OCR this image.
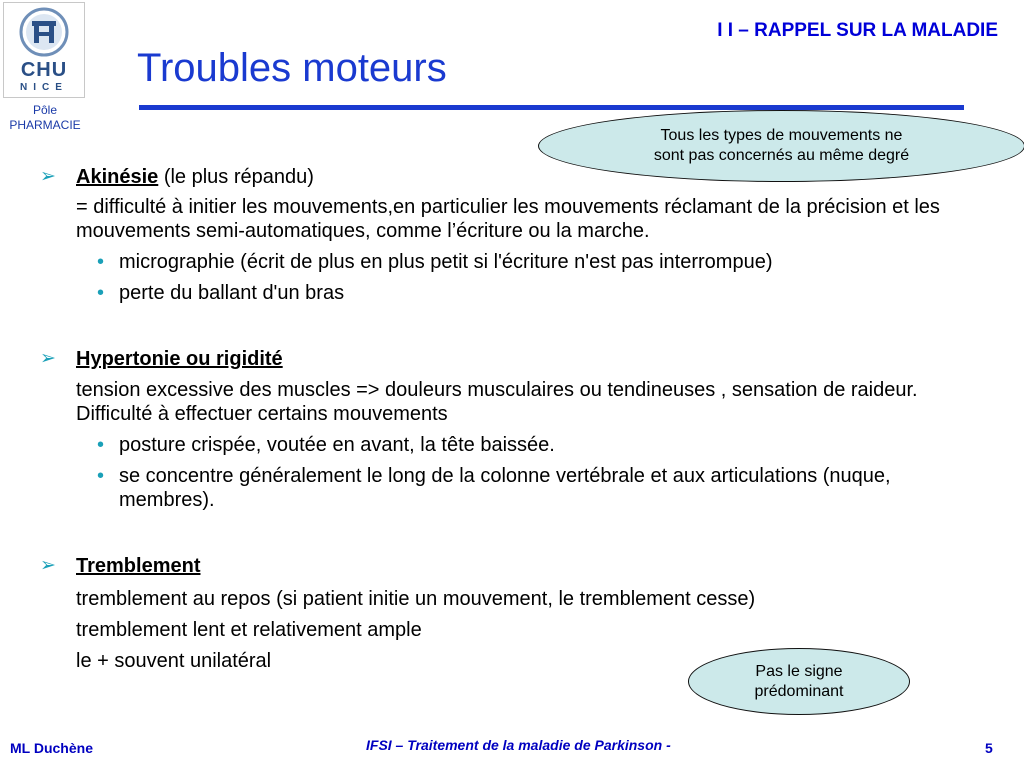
CHU
NICE
Pôle
PHARMACIE
I I – RAPPEL SUR LA MALADIE
Troubles moteurs
Tous les types de mouvements ne
sont pas concernés au même degré
➢ Akinésie (le plus répandu)
= difficulté à initier les mouvements,en particulier les mouvements réclamant de la précision et les mouvements semi-automatiques, comme l’écriture ou la marche.
• micrographie (écrit de plus en plus petit si l'écriture n'est pas interrompue)
• perte du ballant d'un bras
➢ Hypertonie ou rigidité
tension excessive des muscles => douleurs musculaires ou tendineuses , sensation de raideur. Difficulté à effectuer certains mouvements
• posture crispée, voutée en avant, la tête baissée.
• se concentre généralement le long de la colonne vertébrale et aux articulations (nuque, membres).
➢ Tremblement
tremblement au repos (si patient initie un mouvement, le tremblement cesse)
tremblement lent et relativement ample
le + souvent unilatéral	Pas le signe
prédominant
ML Duchène	IFSI – Traitement de la maladie de Parkinson -	5
